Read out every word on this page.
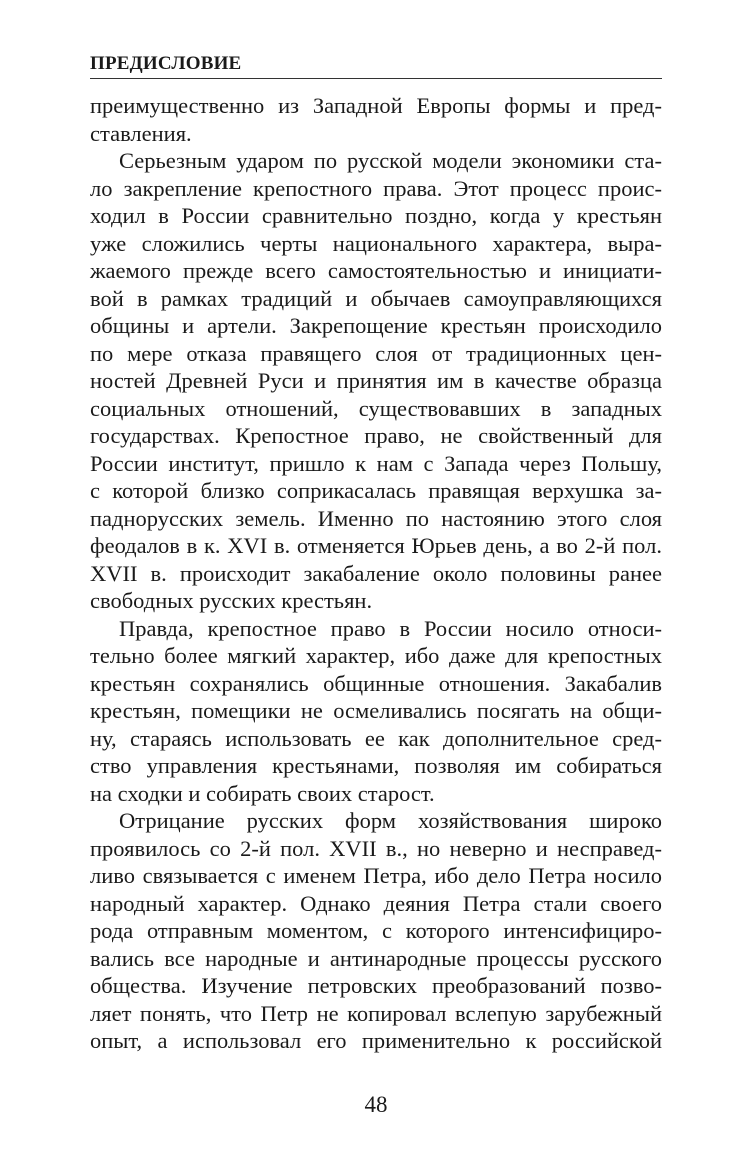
ПРЕДИСЛОВИЕ
преимущественно из Западной Европы формы и пред-
ставления.
Серьезным ударом по русской модели экономики ста-
ло закрепление крепостного права. Этот процесс проис-
ходил в России сравнительно поздно, когда у крестьян
уже сложились черты национального характера, выра-
жаемого прежде всего самостоятельностью и инициати-
вой в рамках традиций и обычаев самоуправляющихся
общины и артели. Закрепощение крестьян происходило
по мере отказа правящего слоя от традиционных цен-
ностей Древней Руси и принятия им в качестве образца
социальных отношений, существовавших в западных
государствах. Крепостное право, не свойственный для
России институт, пришло к нам с Запада через Польшу,
с которой близко соприкасалась правящая верхушка за-
паднорусских земель. Именно по настоянию этого слоя
феодалов в к. XVI в. отменяется Юрьев день, а во 2-й пол.
XVII в. происходит закабаление около половины ранее
свободных русских крестьян.
Правда, крепостное право в России носило относи-
тельно более мягкий характер, ибо даже для крепостных
крестьян сохранялись общинные отношения. Закабалив
крестьян, помещики не осмеливались посягать на общи-
ну, стараясь использовать ее как дополнительное сред-
ство управления крестьянами, позволяя им собираться
на сходки и собирать своих старост.
Отрицание русских форм хозяйствования широко
проявилось со 2-й пол. XVII в., но неверно и несправед-
ливо связывается с именем Петра, ибо дело Петра носило
народный характер. Однако деяния Петра стали своего
рода отправным моментом, с которого интенсифициро-
вались все народные и антинародные процессы русского
общества. Изучение петровских преобразований позво-
ляет понять, что Петр не копировал вслепую зарубежный
опыт, а использовал его применительно к российской
48
